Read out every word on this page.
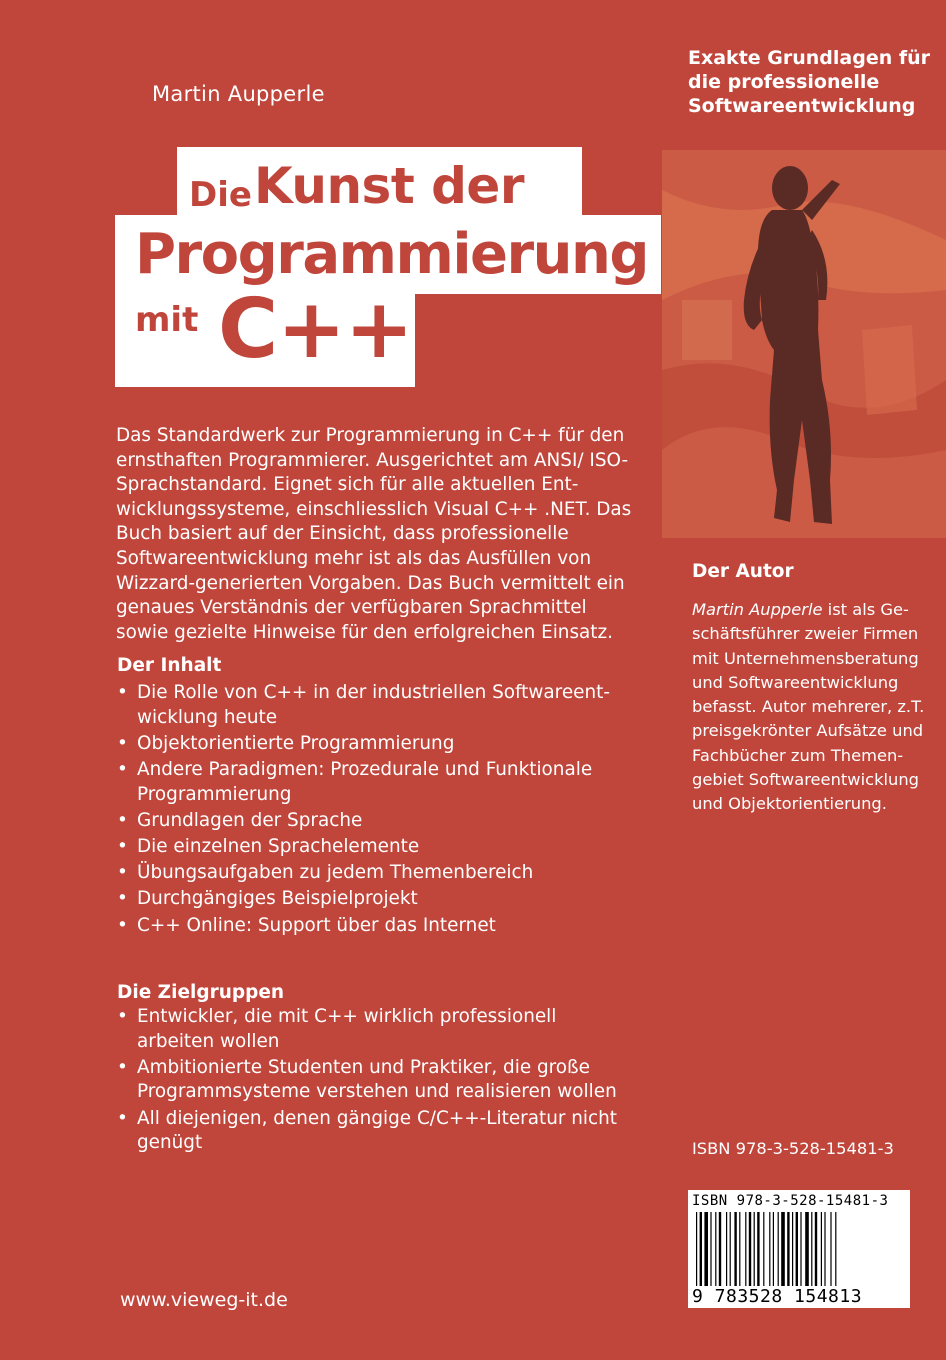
Martin Aupperle
Exakte Grundlagen für
die professionelle
Softwareentwicklung
Die Kunst der
Programmierung
mit C++
Das Standardwerk zur Programmierung in C++ für den ernsthaften Programmierer. Ausgerichtet am ANSI/ ISO-Sprachstandard. Eignet sich für alle aktuellen Ent-wicklungssysteme, einschliesslich Visual C++ .NET. Das Buch basiert auf der Einsicht, dass professionelle Softwareentwicklung mehr ist als das Ausfüllen von Wizzard-generierten Vorgaben. Das Buch vermittelt ein genaues Verständnis der verfügbaren Sprachmittel sowie gezielte Hinweise für den erfolgreichen Einsatz.
Der Inhalt
• Die Rolle von C++ in der industriellen Softwareent-wicklung heute
• Objektorientierte Programmierung
• Andere Paradigmen: Prozedurale und Funktionale Programmierung
• Grundlagen der Sprache
• Die einzelnen Sprachelemente
• Übungsaufgaben zu jedem Themenbereich
• Durchgängiges Beispielprojekt
• C++ Online: Support über das Internet
Die Zielgruppen
• Entwickler, die mit C++ wirklich professionell arbeiten wollen
• Ambitionierte Studenten und Praktiker, die große Programmsysteme verstehen und realisieren wollen
• All diejenigen, denen gängige C/C++-Literatur nicht genügt
Der Autor
Martin Aupperle ist als Ge-schäftsführer zweier Firmen mit Unternehmensberatung und Softwareentwicklung befasst. Autor mehrerer, z.T. preisgekrönter Aufsätze und Fachbücher zum Themen-gebiet Softwareentwicklung und Objektorientierung.
ISBN 978-3-528-15481-3
ISBN 978-3-528-15481-3
9 783528 154813
www.vieweg-it.de
